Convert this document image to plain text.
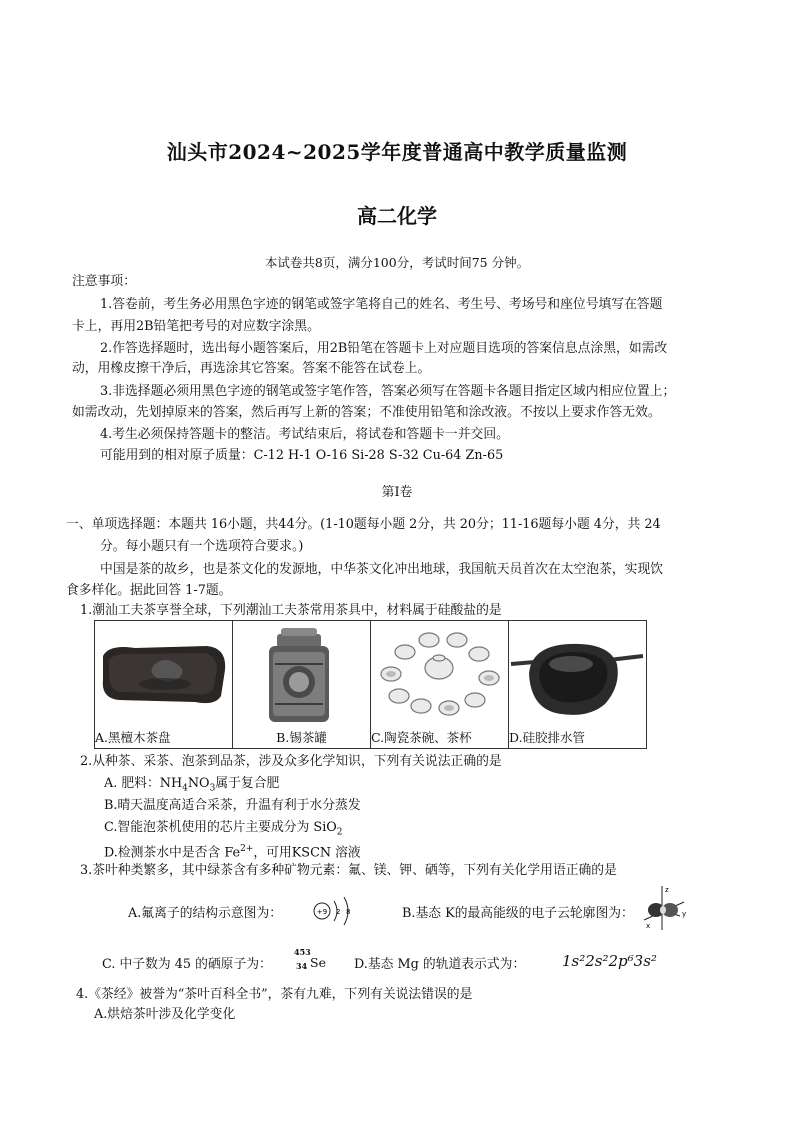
汕头市2024~2025学年度普通高中教学质量监测
高二化学
本试卷共8页，满分100分，考试时间75 分钟。
注意事项：
1.答卷前，考生务必用黑色字迹的钢笔或签字笔将自己的姓名、考生号、考场号和座位号填写在答题
卡上，再用2B铅笔把考号的对应数字涂黑。
2.作答选择题时，选出每小题答案后，用2B铅笔在答题卡上对应题目选项的答案信息点涂黑，如需改
动，用橡皮擦干净后，再选涂其它答案。答案不能答在试卷上。
3.非选择题必须用黑色字迹的钢笔或签字笔作答，答案必须写在答题卡各题目指定区域内相应位置上；
如需改动，先划掉原来的答案，然后再写上新的答案；不准使用铅笔和涂改液。不按以上要求作答无效。
4.考生必须保持答题卡的整洁。考试结束后，将试卷和答题卡一并交回。
可能用到的相对原子质量：C-12 H-1 O-16 Si-28 S-32 Cu-64 Zn-65
第Ⅰ卷
一、单项选择题：本题共 16小题，共44分。(1-10题每小题 2分，共 20分；11-16题每小题 4分，共 24
分。每小题只有一个选项符合要求。)
中国是茶的故乡，也是茶文化的发源地，中华茶文化冲出地球，我国航天员首次在太空泡茶，实现饮
食多样化。据此回答 1-7题。
1.潮汕工夫茶享誉全球，下列潮汕工夫茶常用茶具中，材料属于硅酸盐的是
A.黑檀木茶盘	B.锡茶罐	C.陶瓷茶碗、茶杯	D.硅胶排水管
2.从种茶、采茶、泡茶到品茶，涉及众多化学知识，下列有关说法正确的是
A. 肥料：$NH_4NO_3$属于复合肥
B.晴天温度高适合采茶，升温有利于水分蒸发
C.智能泡茶机使用的芯片主要成分为 SiO$_2$
D.检测茶水中是否含 $Fe^{2+}$，可用KSCN 溶液
3.茶叶种类繁多，其中绿茶含有多种矿物元素：氟、镁、钾、硒等，下列有关化学用语正确的是
A.氟离子的结构示意图为：	+9 2 8	B.基态 K的最高能级的电子云轮廓图为：
z
y
x
C. 中子数为 45 的硒原子为：
453
34 Se D.基态 Mg 的轨道表示式为： 1s²2s²2p⁶3s²
4.《茶经》被誉为“茶叶百科全书”，茶有九难，下列有关说法错误的是
A.烘焙茶叶涉及化学变化
